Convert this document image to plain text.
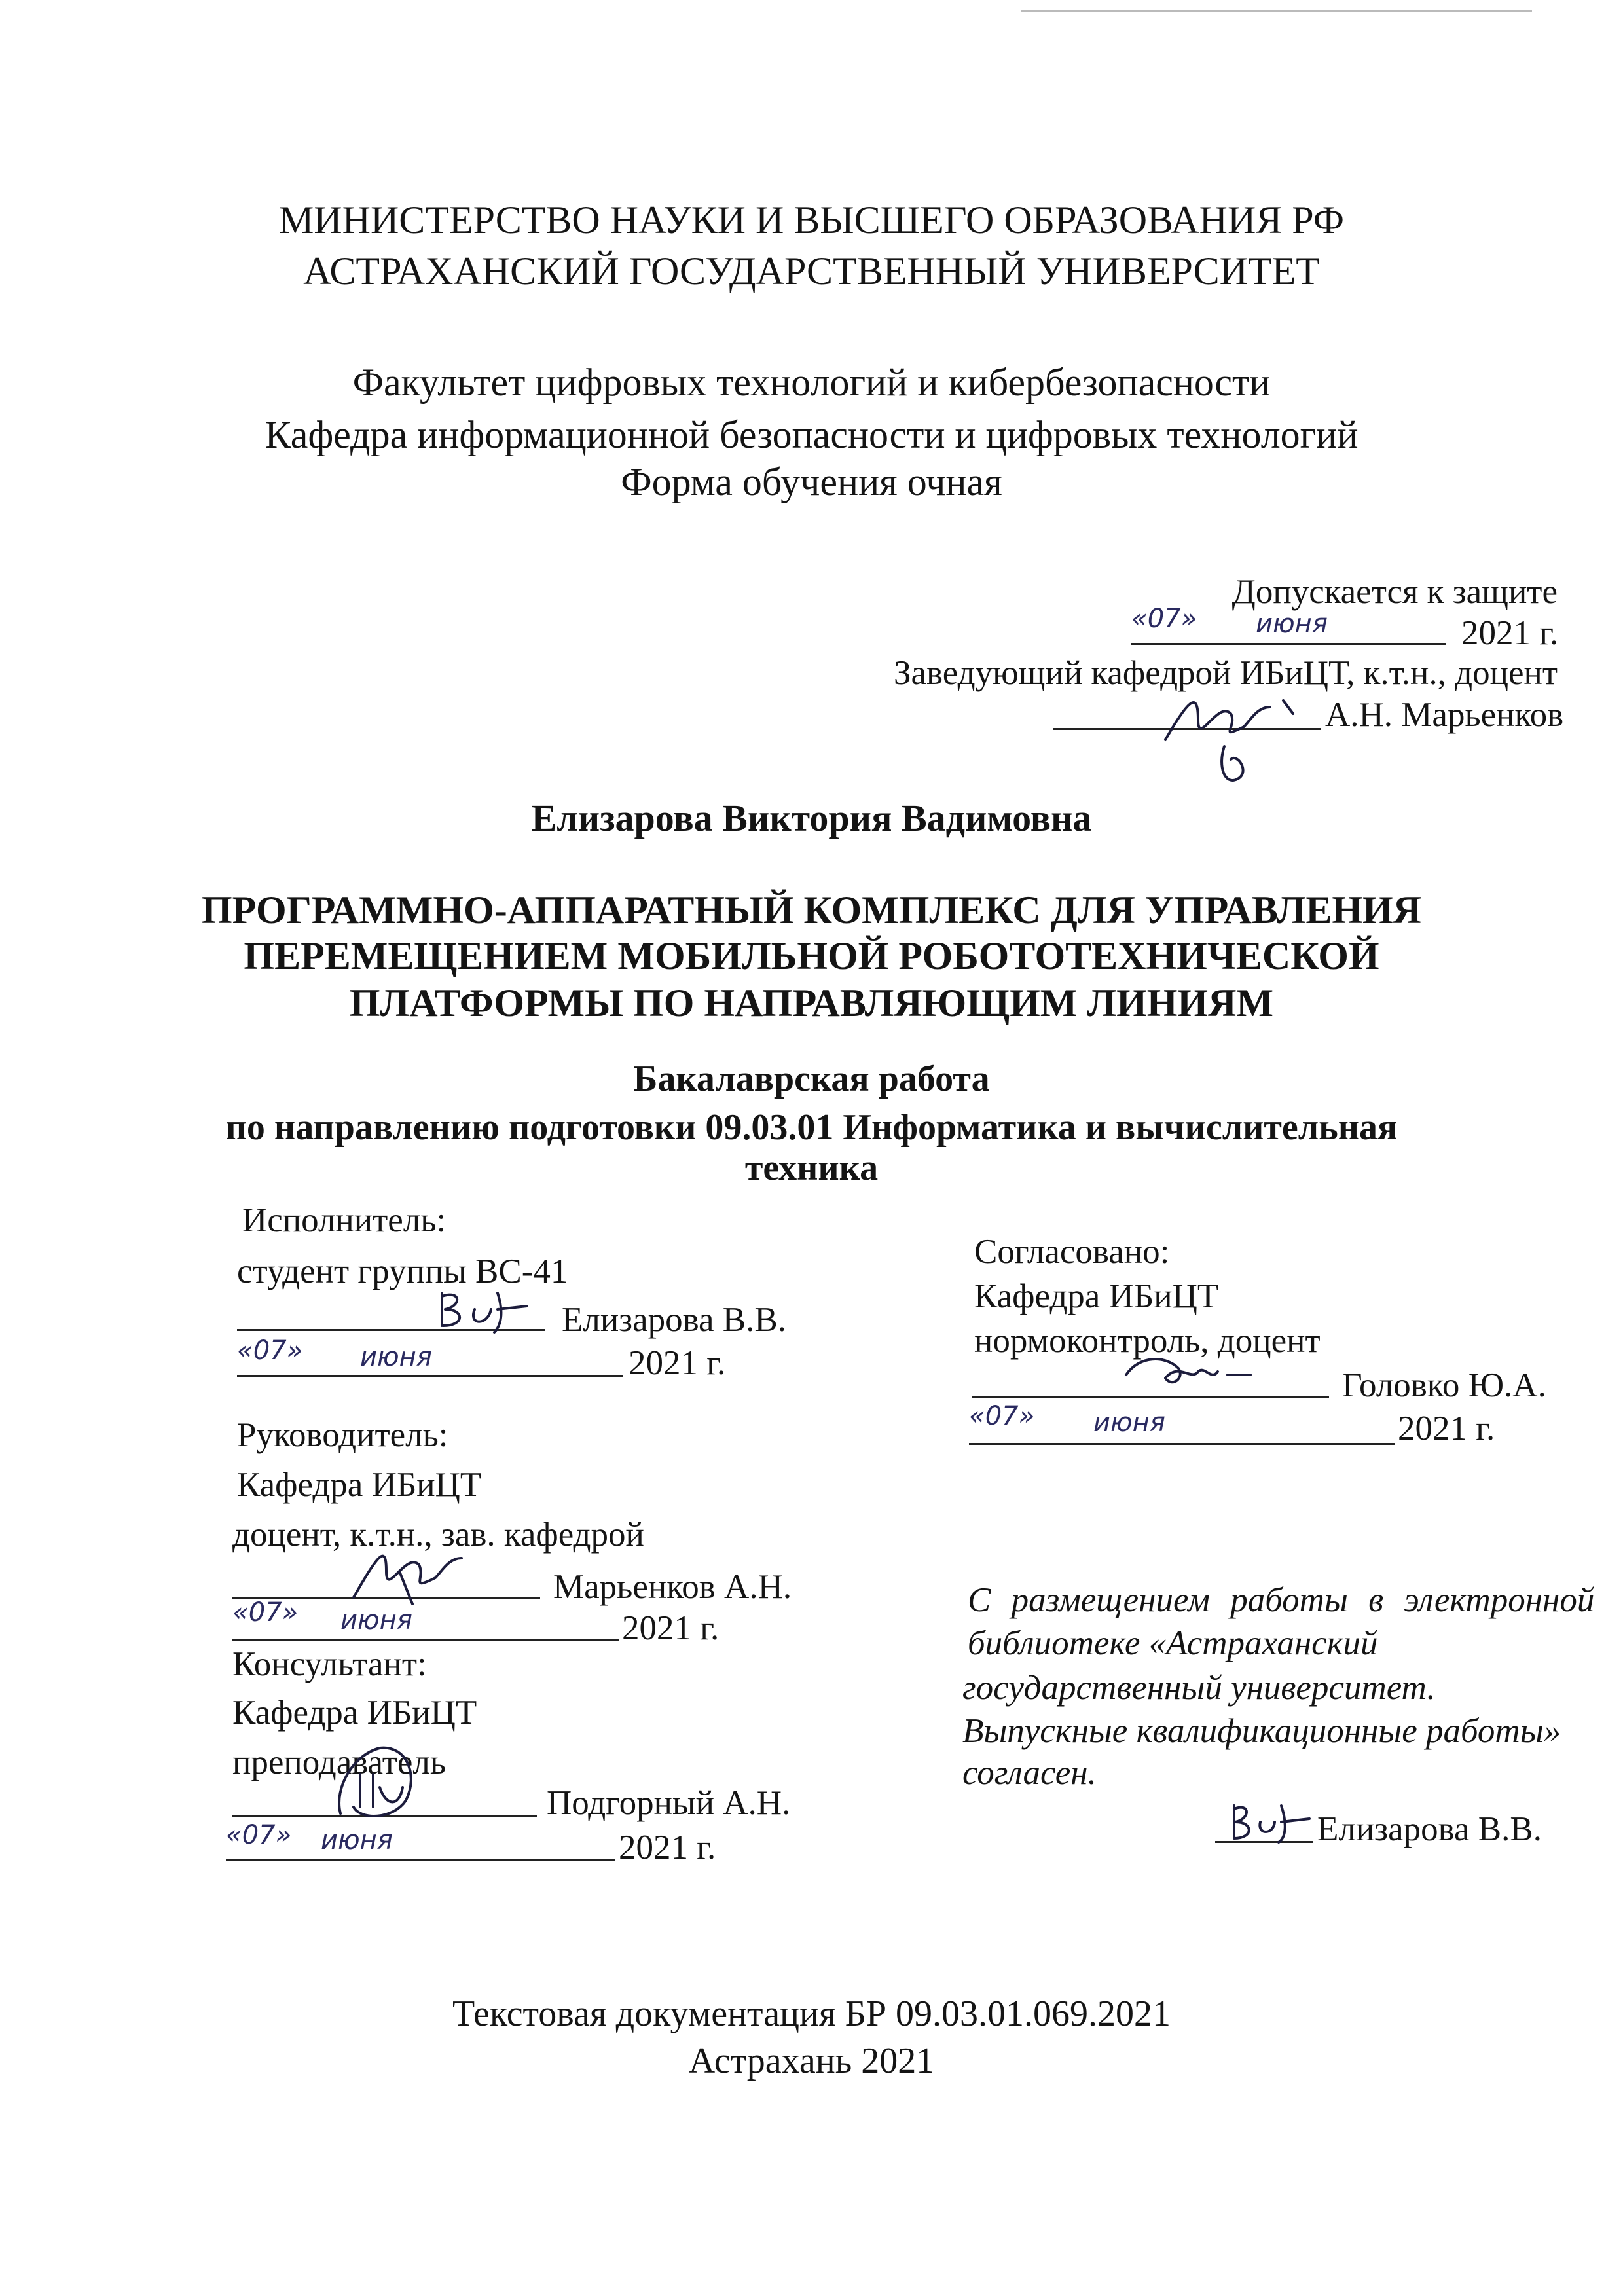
МИНИСТЕРСТВО НАУКИ И ВЫСШЕГО ОБРАЗОВАНИЯ РФ
АСТРАХАНСКИЙ ГОСУДАРСТВЕННЫЙ УНИВЕРСИТЕТ
Факультет цифровых технологий и кибербезопасности
Кафедра информационной безопасности и цифровых технологий
Форма обучения очная
Допускается к защите
«07» июня	2021 г.
Заведующий кафедрой ИБиЦТ, к.т.н., доцент
А.Н. Марьенков
Елизарова Виктория Вадимовна
ПРОГРАММНО-АППАРАТНЫЙ КОМПЛЕКС ДЛЯ УПРАВЛЕНИЯ
ПЕРЕМЕЩЕНИЕМ МОБИЛЬНОЙ РОБОТОТЕХНИЧЕСКОЙ
ПЛАТФОРМЫ ПО НАПРАВЛЯЮЩИМ ЛИНИЯМ
Бакалаврская работа
по направлению подготовки 09.03.01 Информатика и вычислительная
техника
Исполнитель:
студент группы ВС-41
Елизарова В.В.
«07» июня	2021 г.
Руководитель:
Кафедра ИБиЦТ
доцент, к.т.н., зав. кафедрой
Марьенков А.Н.
«07» июня	2021 г.
Консультант:
Кафедра ИБиЦТ
преподаватель
Подгорный А.Н.
«07» июня	2021 г.
Согласовано:
Кафедра ИБиЦТ
нормоконтроль, доцент
Головко Ю.А.
«07» июня	2021 г.
С размещением работы в электронной
библиотеке «Астраханский
государственный университет.
Выпускные квалификационные работы»
согласен.
Елизарова В.В.
Текстовая документация БР 09.03.01.069.2021
Астрахань 2021
